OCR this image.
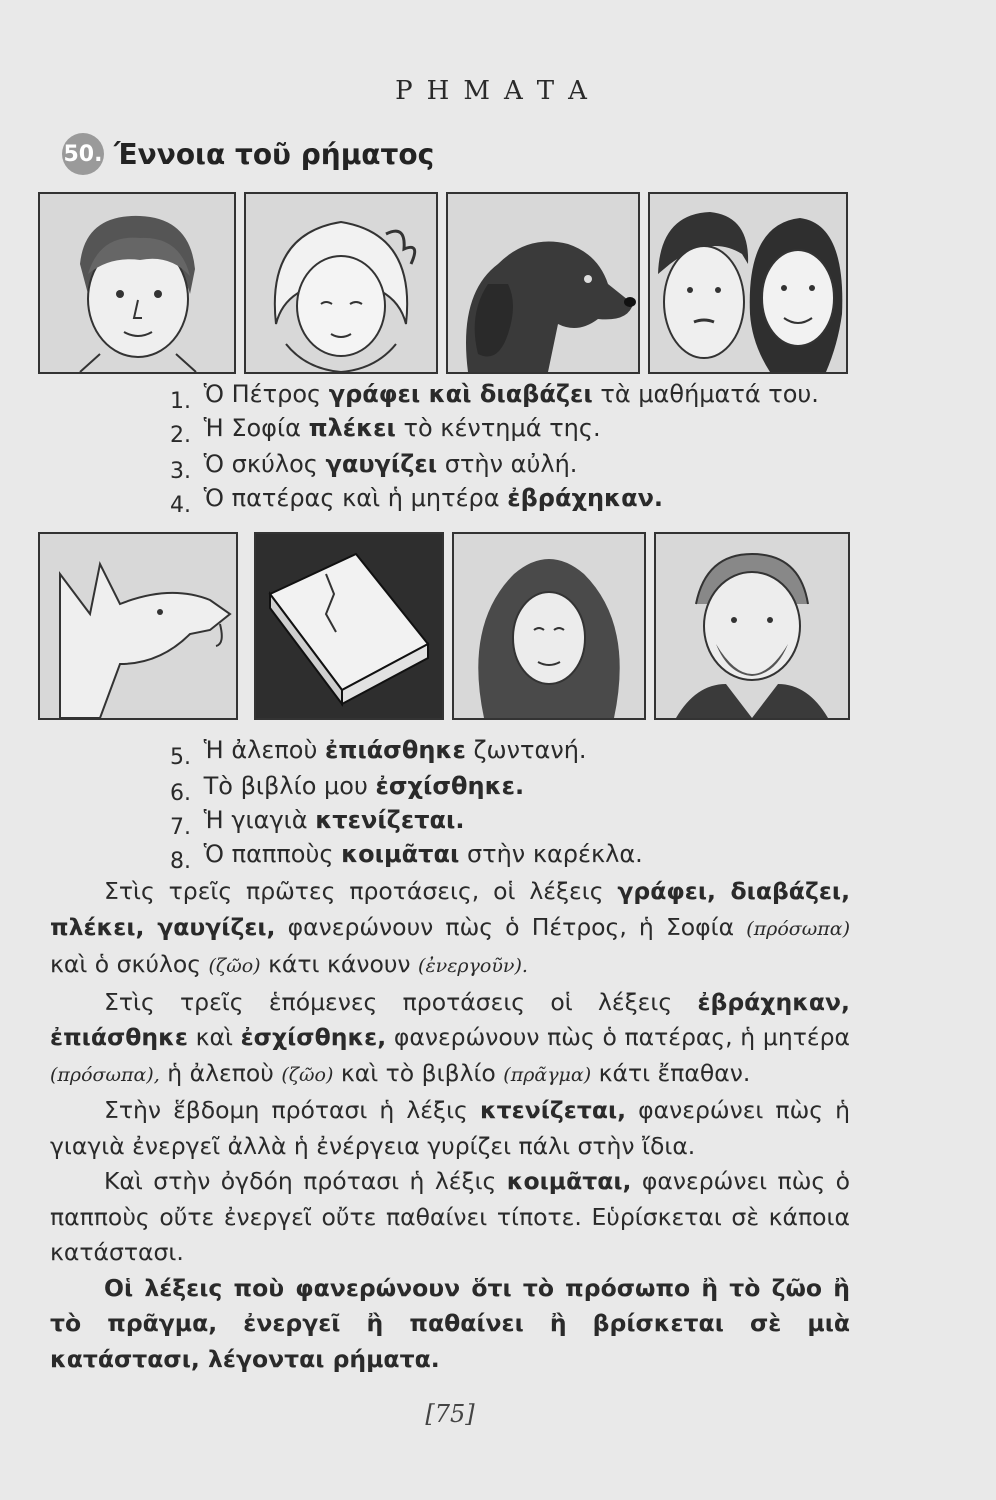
ΡΗΜΑΤΑ
50. Έννοια τοῦ ρήματος
1. Ὁ Πέτρος γράφει καὶ διαβάζει τὰ μαθήματά του.
2. Ἡ Σοφία πλέκει τὸ κέντημά της.
3. Ὁ σκύλος γαυγίζει στὴν αὐλή.
4. Ὁ πατέρας καὶ ἡ μητέρα ἐβράχηκαν.
5. Ἡ ἀλεποὺ ἐπιάσθηκε ζωντανή.
6. Τὸ βιβλίο μου ἐσχίσθηκε.
7. Ἡ γιαγιὰ κτενίζεται.
8. Ὁ παπποὺς κοιμᾶται στὴν καρέκλα.

Στὶς τρεῖς πρῶτες προτάσεις, οἱ λέξεις γράφει, διαβάζει, πλέκει, γαυγίζει, φανερώνουν πὼς ὁ Πέτρος, ἡ Σοφία (πρόσωπα) καὶ ὁ σκύλος (ζῶο) κάτι κάνουν (ἐνεργοῦν).

Στὶς τρεῖς ἑπόμενες προτάσεις οἱ λέξεις ἐβράχηκαν, ἐπιάσθηκε καὶ ἐσχίσθηκε, φανερώνουν πὼς ὁ πατέρας, ἡ μητέρα (πρόσωπα), ἡ ἀλεποὺ (ζῶο) καὶ τὸ βιβλίο (πρᾶγμα) κάτι ἔπαθαν.

Στὴν ἕβδομη πρότασι ἡ λέξις κτενίζεται, φανερώνει πὼς ἡ γιαγιὰ ἐνεργεῖ ἀλλὰ ἡ ἐνέργεια γυρίζει πάλι στὴν ἴδια.

Καὶ στὴν ὀγδόη πρότασι ἡ λέξις κοιμᾶται, φανερώνει πὼς ὁ παπποὺς οὔτε ἐνεργεῖ οὔτε παθαίνει τίποτε. Εὑρίσκεται σὲ κάποια κατάστασι.

Οἱ λέξεις ποὺ φανερώνουν ὅτι τὸ πρόσωπο ἢ τὸ ζῶο ἢ τὸ πρᾶγμα, ἐνεργεῖ ἢ παθαίνει ἢ βρίσκεται σὲ μιὰ κατάστασι, λέγονται ρήματα.

[75]
